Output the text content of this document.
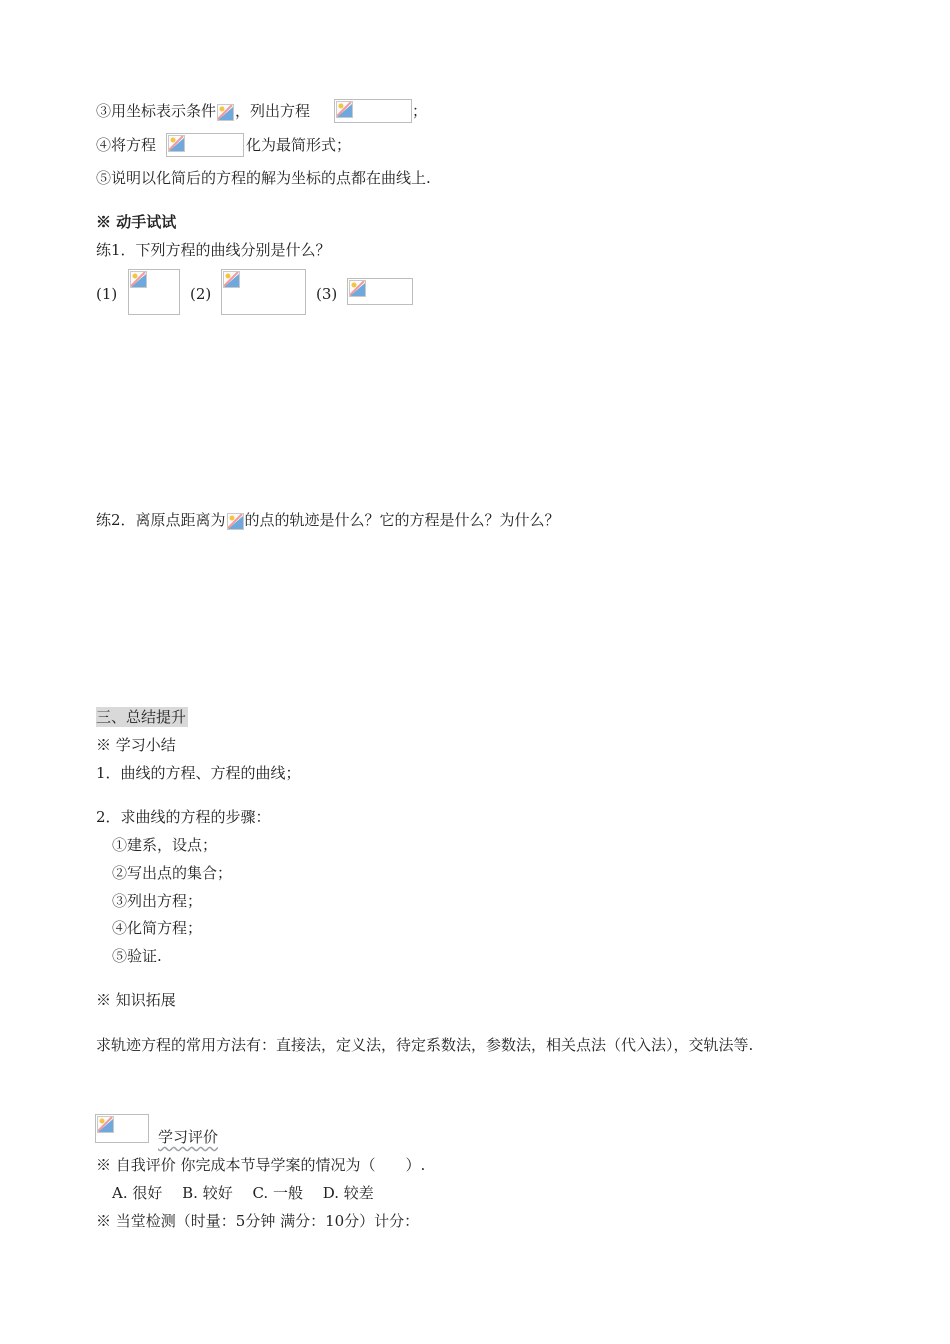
③用坐标表示条件 ，列出方程	；
④将方程	化为最简形式；
⑤说明以化简后的方程的解为坐标的点都在曲线上.
※ 动手试试
练1．下列方程的曲线分别是什么？
(1)	(2)	(3)
练2．离原点距离为 的点的轨迹是什么？它的方程是什么？为什么？
三、总结提升
※ 学习小结
1．曲线的方程、方程的曲线；
2．求曲线的方程的步骤：
①建系，设点；
②写出点的集合；
③列出方程；
④化简方程；
⑤验证.
※ 知识拓展
求轨迹方程的常用方法有：直接法，定义法，待定系数法，参数法，相关点法（代入法），交轨法等.
学习评价
※ 自我评价 你完成本节导学案的情况为（　　）.
A. 很好　 B. 较好　 C. 一般　 D. 较差
※ 当堂检测（时量：5分钟 满分：10分）计分：
